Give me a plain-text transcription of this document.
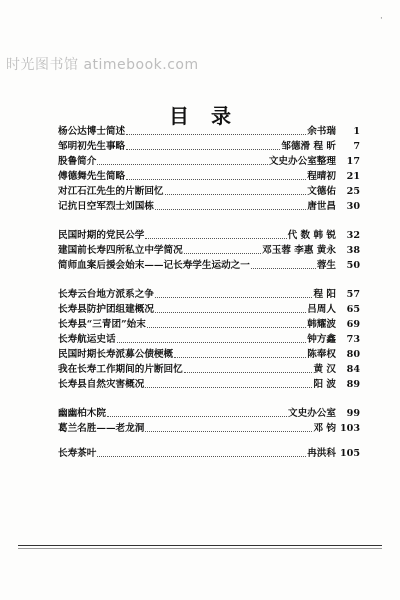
时光图书馆 atimebook.com
·
目录
杨公达博士简述	余书瑞	1
邹明初先生事略	邹德滑 程 昕	7
股鲁简介	文史办公室整理	17
傅德舞先生简略	程晴初	21
对江石江先生的片断回忆	文德佑	25
记抗日空军烈士刘国栋	唐世昌	30
民国时期的党民公学	代 数 韩 锐	32
建国前长寿四所私立中学简况	邓玉蓉 李惠 黄永	38
简师血案后援会始末——记长寿学生运动之一	蓉生	50
长寿云台地方派系之争	程 阳	57
长寿县防护团组建概况	吕周人	65
长寿县“三青团”始末	韩耀波	69
长寿航运史话	钟方鑫	73
民国时期长寿派募公债梗概	陈奉权	80
我在长寿工作期间的片断回忆	黄 汉	84
长寿县自然灾害概况	阳 波	89
幽幽柏木院	文史办公室	99
葛兰名胜——老龙洞	邓 钧 103
长寿茶叶	冉洪科 105
